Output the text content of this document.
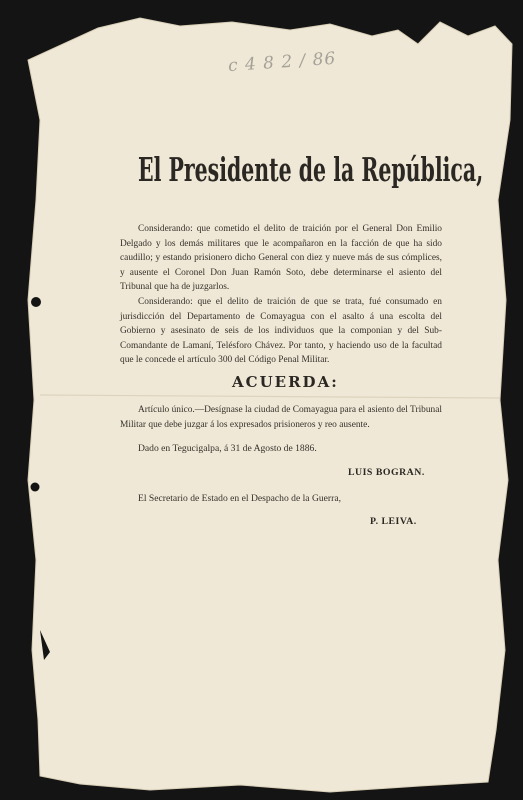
c 4 8 2 / 86
El Presidente de la República,
Considerando: que cometido el delito de traición por el General Don Emilio Delgado y los demás militares que le acompañaron en la facción de que ha sido caudillo; y estando prisionero dicho General con diez y nueve más de sus cómplices, y ausente el Coronel Don Juan Ramón Soto, debe determinarse el asiento del Tribunal que ha de juzgarlos.
Considerando: que el delito de traición de que se trata, fué consumado en jurisdicción del Departamento de Comayagua con el asalto á una escolta del Gobierno y asesinato de seis de los individuos que la componian y del Sub-Comandante de Lamaní, Telésforo Chávez. Por tanto, y haciendo uso de la facultad que le concede el artículo 300 del Código Penal Militar.
ACUERDA:
Artículo único.—Desígnase la ciudad de Comayagua para el asiento del Tribunal Militar que debe juzgar á los expresados prisioneros y reo ausente.
Dado en Tegucigalpa, á 31 de Agosto de 1886.
LUIS BOGRAN.
El Secretario de Estado en el Despacho de la Guerra,
P. LEIVA.
